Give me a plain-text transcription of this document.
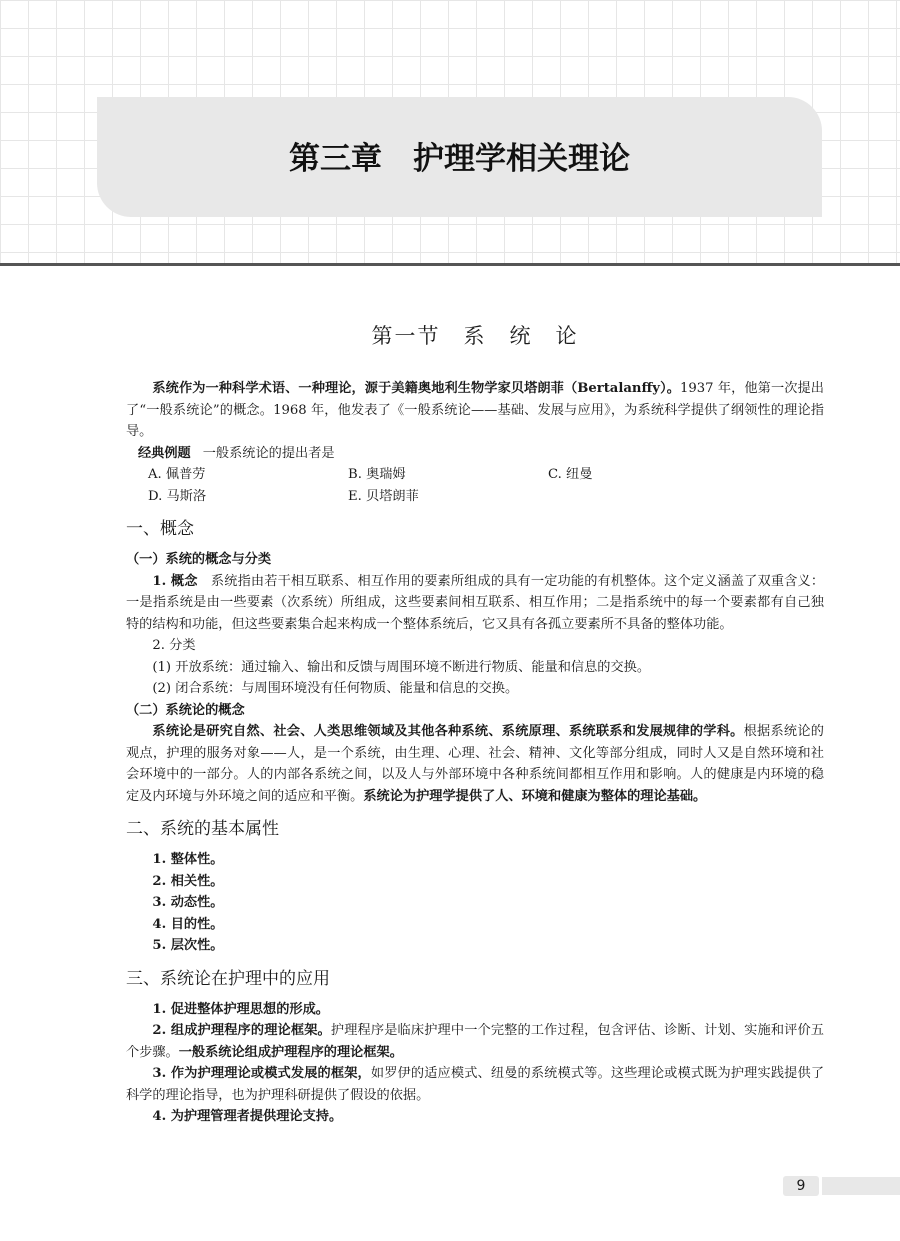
第三章　护理学相关理论
第一节　系　统　论

系统作为一种科学术语、一种理论，源于美籍奥地利生物学家贝塔朗菲（Bertalanffy）。1937 年，他第一次提出了“一般系统论”的概念。1968 年，他发表了《一般系统论——基础、发展与应用》，为系统科学提供了纲领性的理论指导。

经典例题 一般系统论的提出者是

A. 佩普劳	B. 奥瑞姆	C. 纽曼
D. 马斯洛	E. 贝塔朗菲
一、概念

（一）系统的概念与分类

1. 概念　 系统指由若干相互联系、相互作用的要素所组成的具有一定功能的有机整体。这个定义涵盖了双重含义：一是指系统是由一些要素（次系统）所组成，这些要素间相互联系、相互作用；二是指系统中的每一个要素都有自己独特的结构和功能，但这些要素集合起来构成一个整体系统后，它又具有各孤立要素所不具备的整体功能。

2. 分类

(1) 开放系统：通过输入、输出和反馈与周围环境不断进行物质、能量和信息的交换。

(2) 闭合系统：与周围环境没有任何物质、能量和信息的交换。

（二）系统论的概念

系统论是研究自然、社会、人类思维领域及其他各种系统、系统原理、系统联系和发展规律的学科。根据系统论的观点，护理的服务对象——人，是一个系统，由生理、心理、社会、精神、文化等部分组成，同时人又是自然环境和社会环境中的一部分。人的内部各系统之间，以及人与外部环境中各种系统间都相互作用和影响。人的健康是内环境的稳定及内环境与外环境之间的适应和平衡。系统论为护理学提供了人、环境和健康为整体的理论基础。

二、系统的基本属性

1. 整体性。

2. 相关性。

3. 动态性。

4. 目的性。

5. 层次性。

三、系统论在护理中的应用

1. 促进整体护理思想的形成。

2. 组成护理程序的理论框架。护理程序是临床护理中一个完整的工作过程，包含评估、诊断、计划、实施和评价五个步骤。一般系统论组成护理程序的理论框架。

3. 作为护理理论或模式发展的框架，如罗伊的适应模式、纽曼的系统模式等。这些理论或模式既为护理实践提供了科学的理论指导，也为护理科研提供了假设的依据。

4. 为护理管理者提供理论支持。

9
